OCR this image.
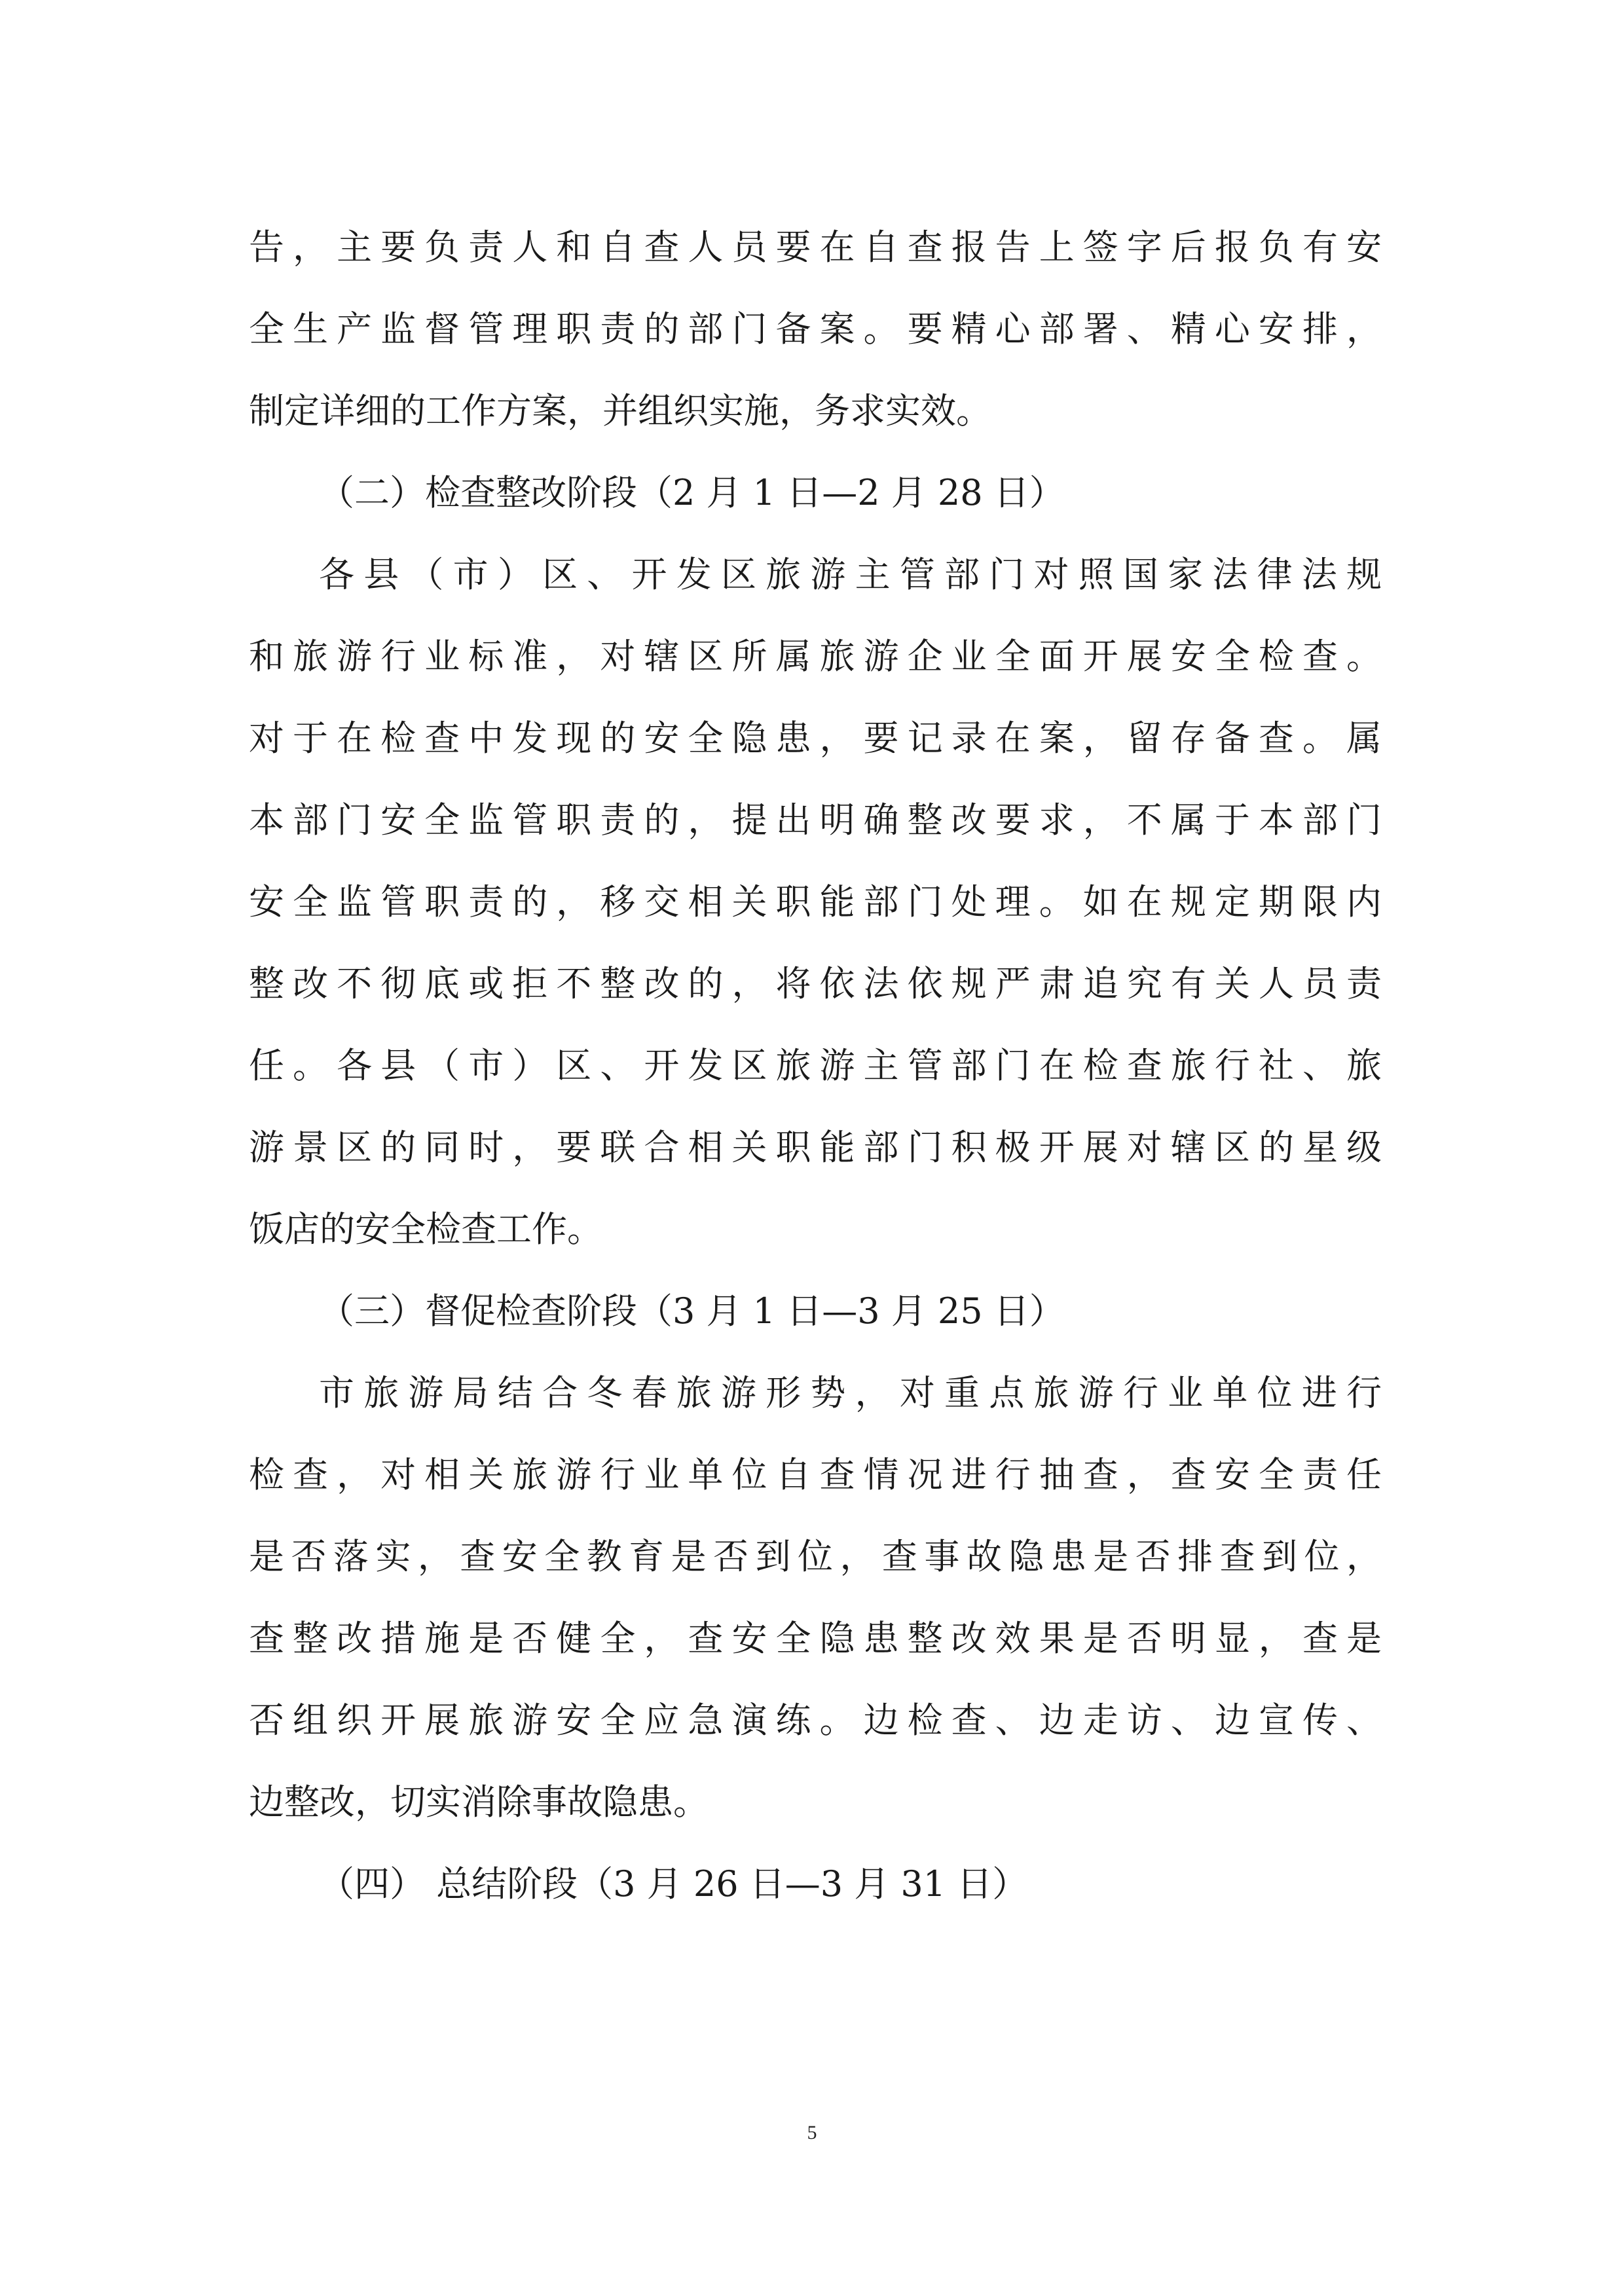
告，主要负责人和自查人员要在自查报告上签字后报负有安
全生产监督管理职责的部门备案。要精心部署、精心安排，
制定详细的工作方案，并组织实施，务求实效。
（二）检查整改阶段（2 月 1 日—2 月 28 日）
各县（市）区、开发区旅游主管部门对照国家法律法规
和旅游行业标准，对辖区所属旅游企业全面开展安全检查。
对于在检查中发现的安全隐患，要记录在案，留存备查。属
本部门安全监管职责的，提出明确整改要求，不属于本部门
安全监管职责的，移交相关职能部门处理。如在规定期限内
整改不彻底或拒不整改的，将依法依规严肃追究有关人员责
任。各县（市）区、开发区旅游主管部门在检查旅行社、旅
游景区的同时，要联合相关职能部门积极开展对辖区的星级
饭店的安全检查工作。
（三）督促检查阶段（3 月 1 日—3 月 25 日）
市旅游局结合冬春旅游形势，对重点旅游行业单位进行
检查，对相关旅游行业单位自查情况进行抽查，查安全责任
是否落实，查安全教育是否到位，查事故隐患是否排查到位，
查整改措施是否健全，查安全隐患整改效果是否明显，查是
否组织开展旅游安全应急演练。边检查、边走访、边宣传、
边整改，切实消除事故隐患。
（四） 总结阶段（3 月 26 日—3 月 31 日）
5
